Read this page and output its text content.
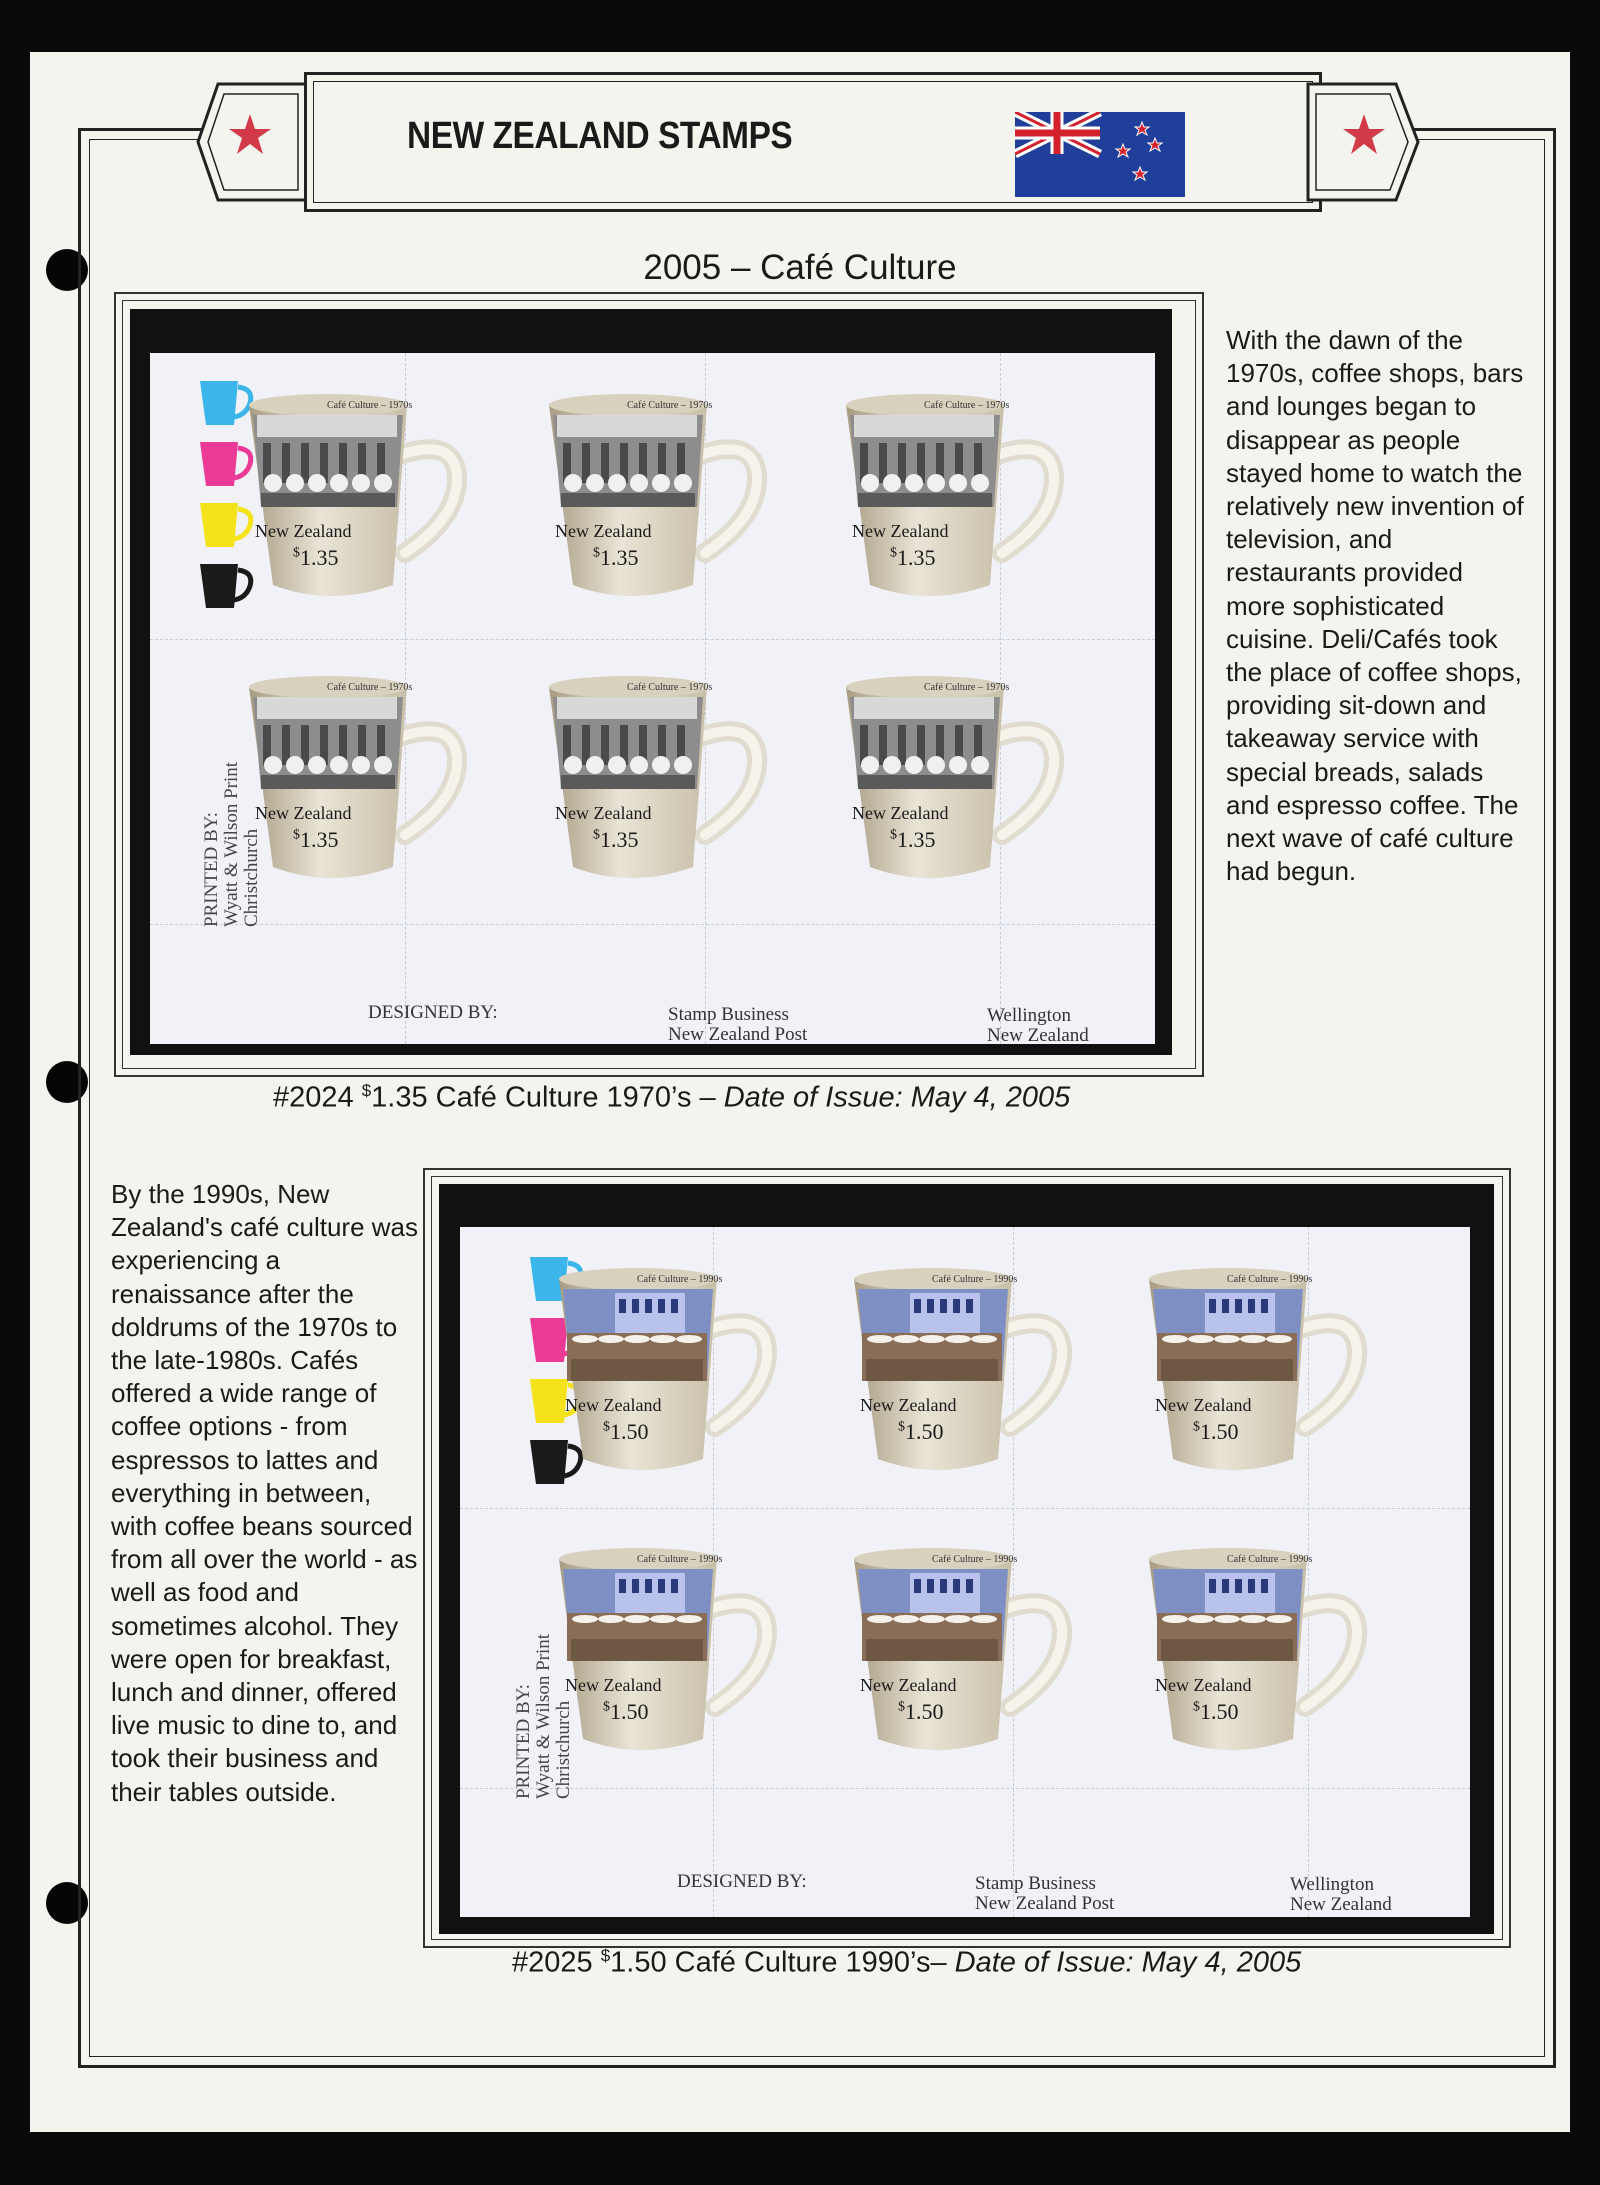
NEW ZEALAND STAMPS
2005 – Café Culture
PRINTED BY: Wyatt & Wilson Print Christchurch
DESIGNED BY:	Stamp Business
New Zealand Post
Wellington
New Zealand
Café Culture – 1970s
New Zealand
$1.35
Café Culture – 1970s
New Zealand
$1.35
Café Culture – 1970s
New Zealand
$1.35
Café Culture – 1970s
New Zealand
$1.35
Café Culture – 1970s
New Zealand
$1.35
Café Culture – 1970s
New Zealand
$1.35
With the dawn of the 1970s, coffee shops, bars and lounges began to disappear as people stayed home to watch the relatively new invention of television, and restaurants provided more sophisticated cuisine. Deli/Cafés took the place of coffee shops, providing sit-down and takeaway service with special breads, salads and espresso coffee. The next wave of café culture had begun.
#2024 $1.35 Café Culture 1970’s – Date of Issue: May 4, 2005
By the 1990s, New Zealand's café culture was experiencing a renaissance after the doldrums of the 1970s to the late-1980s. Cafés offered a wide range of coffee options - from espressos to lattes and everything in between, with coffee beans sourced from all over the world - as well as food and sometimes alcohol. They were open for breakfast, lunch and dinner, offered live music to dine to, and took their business and their tables outside.	PRINTED BY: Wyatt & Wilson Print Christchurch
DESIGNED BY:	Stamp Business
New Zealand Post
Wellington
New Zealand
Café Culture – 1990s
New Zealand
$1.50
Café Culture – 1990s
New Zealand
$1.50
Café Culture – 1990s
New Zealand
$1.50
Café Culture – 1990s
New Zealand
$1.50
Café Culture – 1990s
New Zealand
$1.50
Café Culture – 1990s
New Zealand
$1.50
#2025 $1.50 Café Culture 1990’s– Date of Issue: May 4, 2005
